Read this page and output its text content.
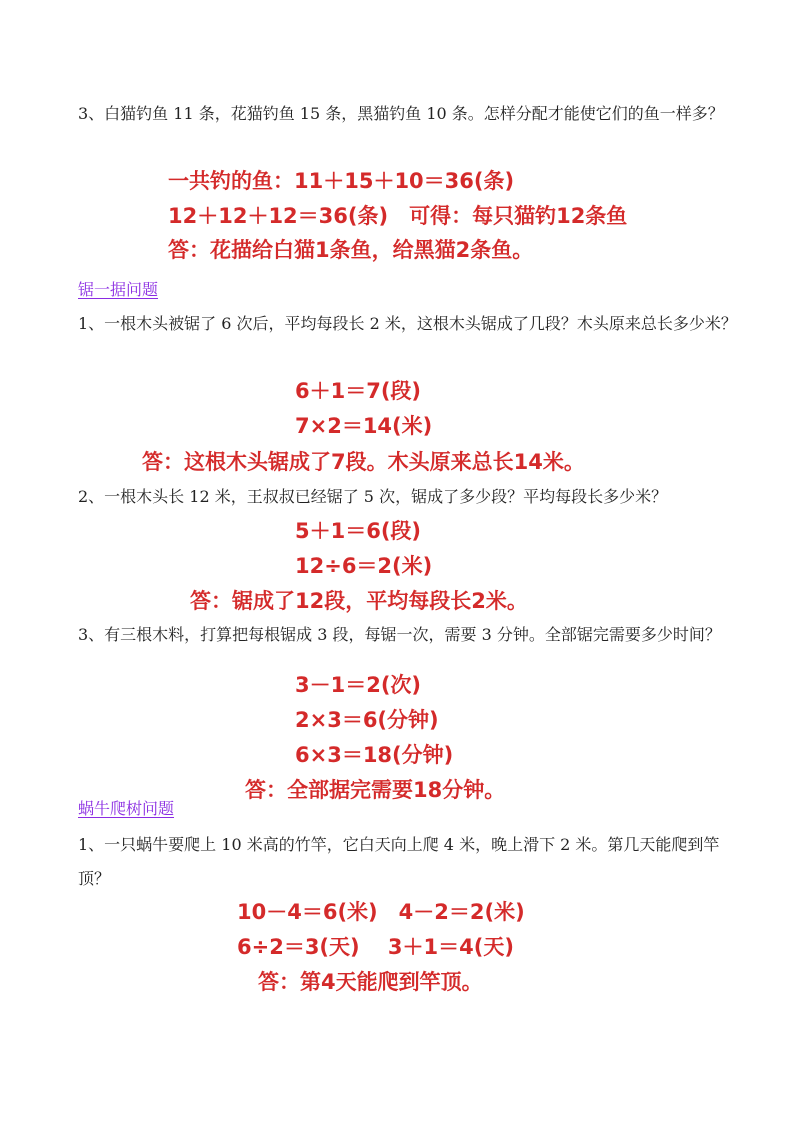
3、白猫钓鱼 11 条，花猫钓鱼 15 条，黑猫钓鱼 10 条。怎样分配才能使它们的鱼一样多？

一共钓的鱼：11＋15＋10＝36(条)
12＋12＋12＝36(条)　可得：每只猫钓12条鱼
答：花描给白猫1条鱼，给黑猫2条鱼。
锯一据问题

1、一根木头被锯了 6 次后，平均每段长 2 米，这根木头锯成了几段？木头原来总长多少米？

6＋1＝7(段)
7×2＝14(米)
答：这根木头锯成了7段。木头原来总长14米。

2、一根木头长 12 米，王叔叔已经锯了 5 次，锯成了多少段？平均每段长多少米？

5＋1＝6(段)
12÷6＝2(米)
答：锯成了12段，平均每段长2米。

3、有三根木料，打算把每根锯成 3 段，每锯一次，需要 3 分钟。全部锯完需要多少时间？

3－1＝2(次)
2×3＝6(分钟)
6×3＝18(分钟)
答：全部据完需要18分钟。
蜗牛爬树问题

1、一只蜗牛要爬上 10 米高的竹竿，它白天向上爬 4 米，晚上滑下 2 米。第几天能爬到竿顶？

10－4＝6(米)　4－2＝2(米)
6÷2＝3(天)　 3＋1＝4(天)
答：第4天能爬到竿顶。
